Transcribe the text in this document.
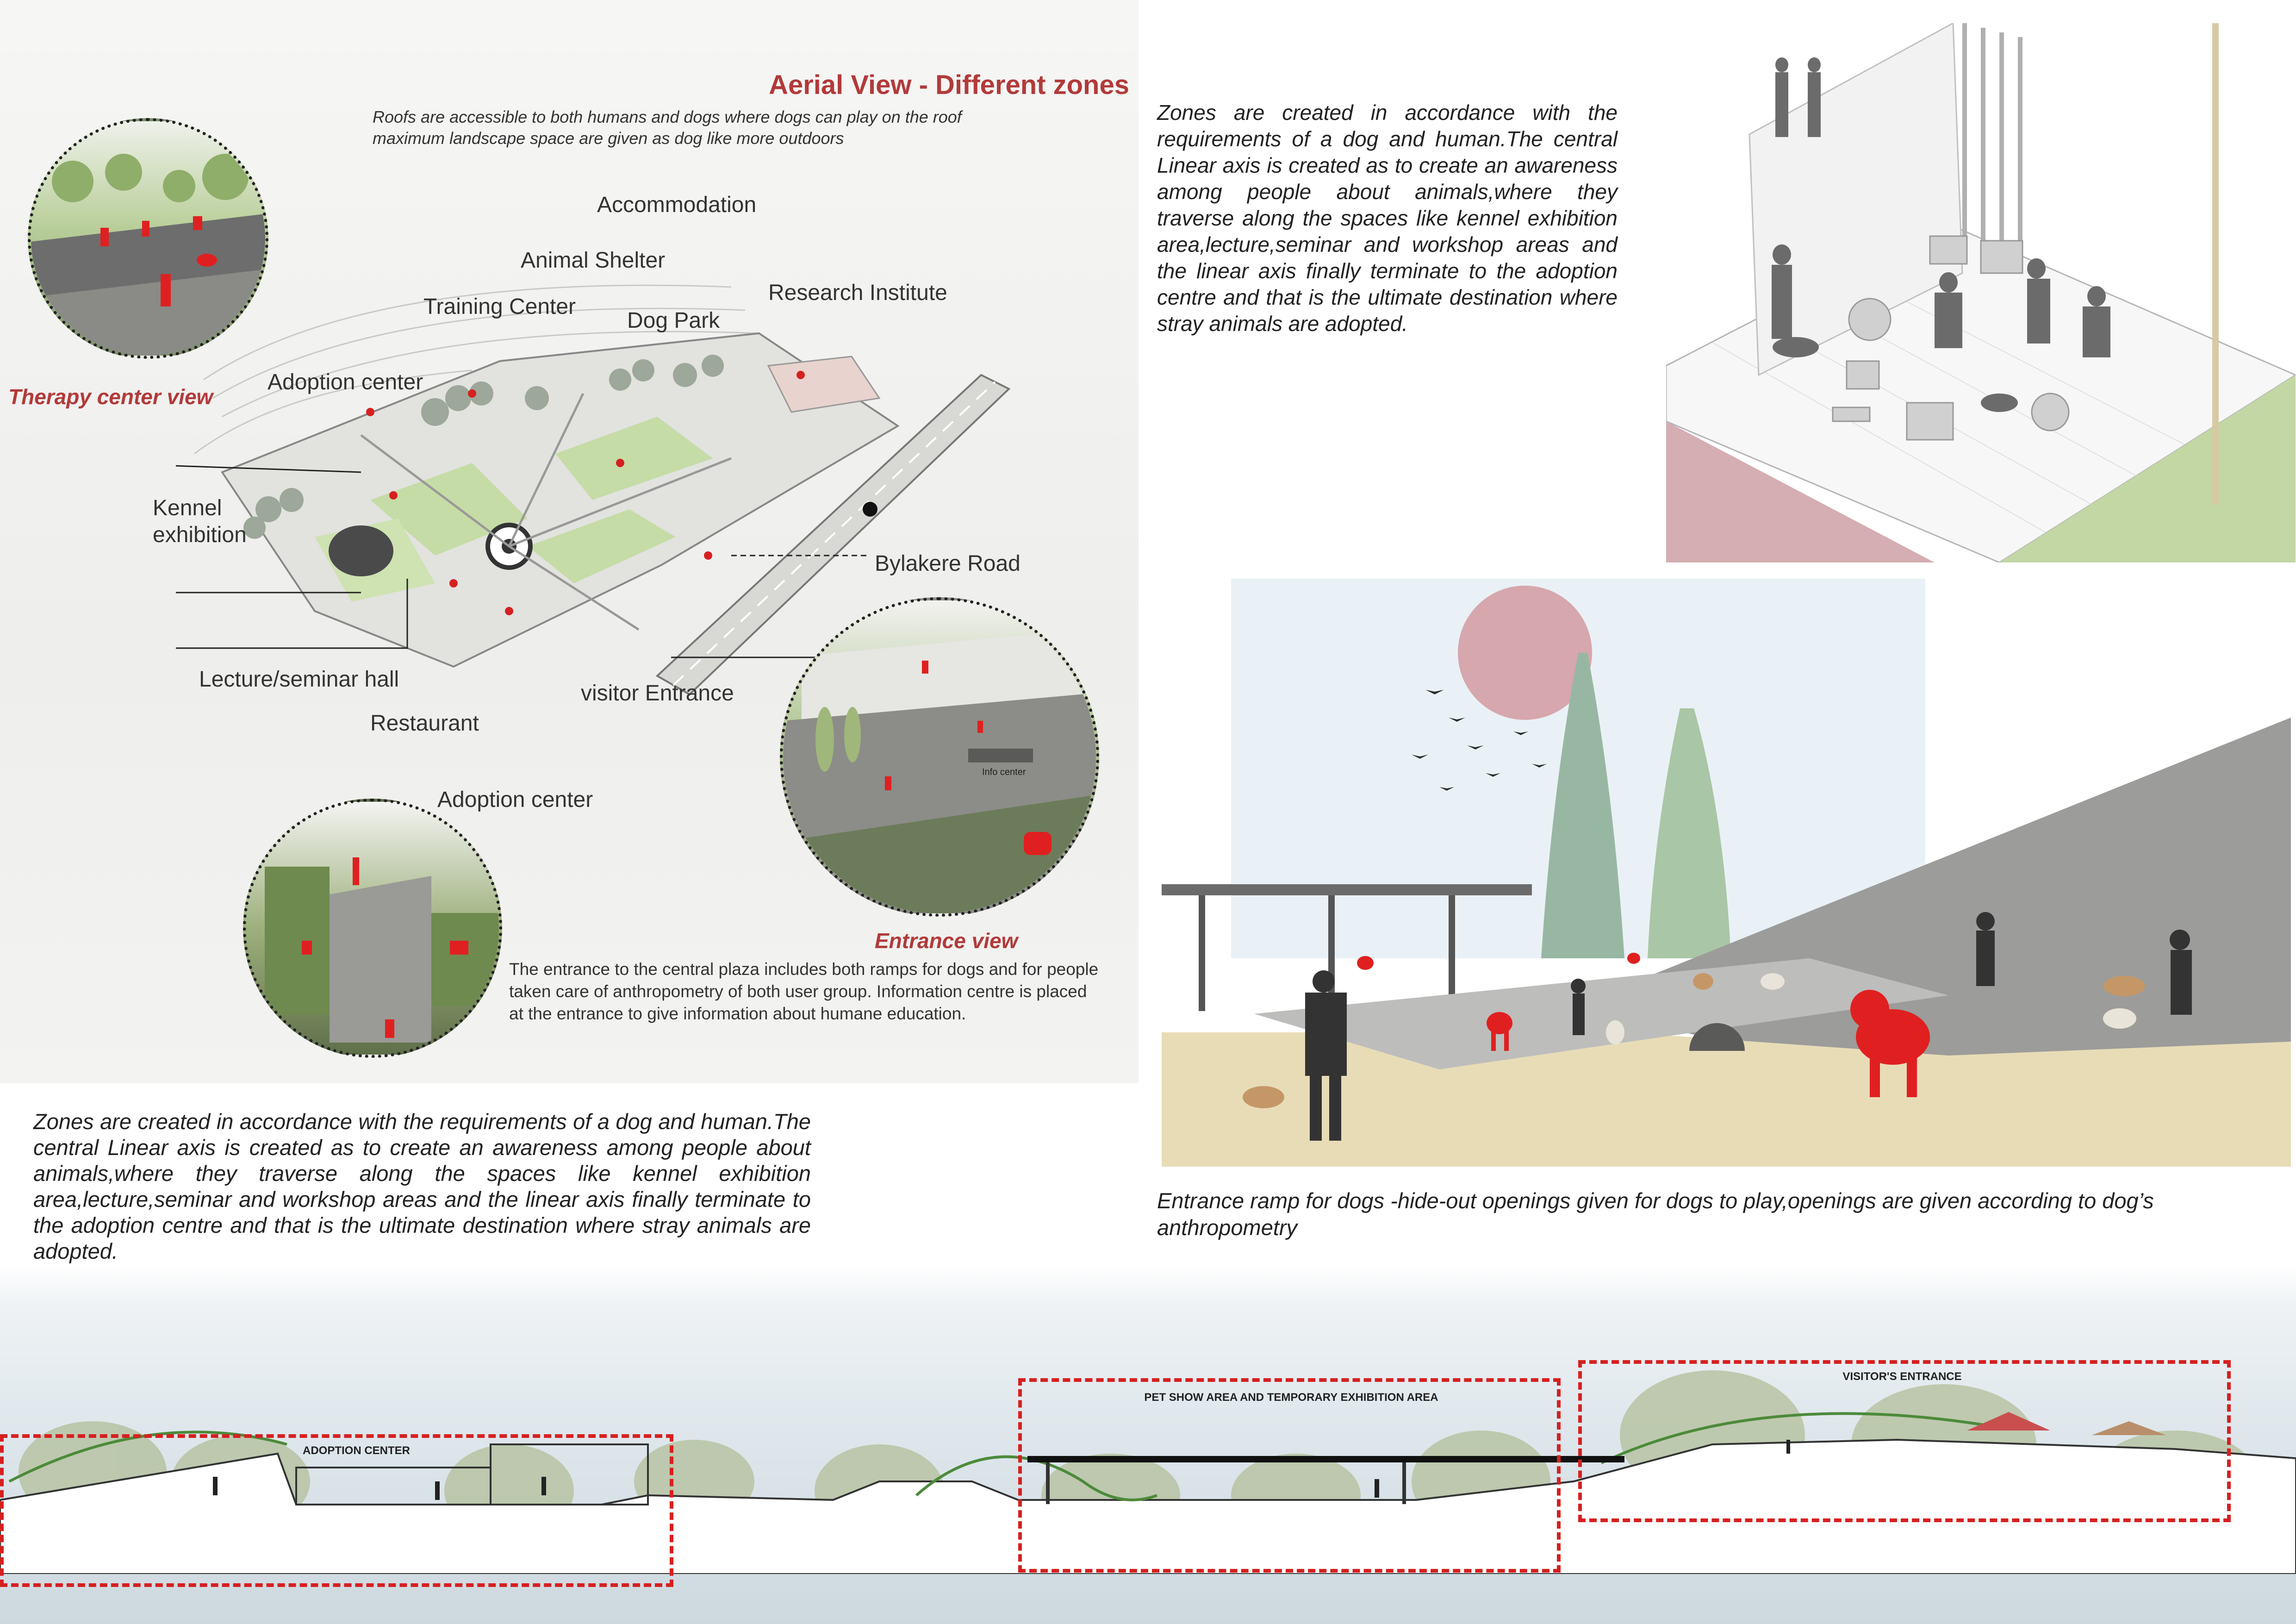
Aerial View - Different zones
Roofs are accessible to both humans and dogs where dogs can play on the roof
maximum landscape space are given as dog like more outdoors
Accommodation
Animal Shelter
Training Center
Dog Park
Research Institute
Adoption center
Kennel
exhibition
Bylakere Road
Lecture/seminar hall
Restaurant
visitor Entrance
Adoption center
Therapy center view
Info center
Entrance view
The entrance to the central plaza includes both ramps for dogs and for people taken care of anthropometry of both user group. Information centre is placed at the entrance to give information about humane education.
Zones are created in accordance with the requirements of a dog and human.The central Linear axis is created as to create an awareness among people about animals,where they traverse along the spaces like kennel exhibition area,lecture,seminar and workshop areas and the linear axis finally terminate to the adoption centre and that is the ultimate destination where stray animals are adopted.
Zones are created in accordance with the requirements of a dog and human.The central Linear axis is created as to create an awareness among people about animals,where they traverse along the spaces like kennel exhibition area,lecture,seminar and workshop areas and the linear axis finally terminate to the adoption centre and that is the ultimate destination where stray animals are adopted.
Entrance ramp for dogs -hide-out openings given for dogs to play,openings are given according to dog’s anthropometry
ADOPTION CENTER
PET SHOW AREA AND TEMPORARY EXHIBITION AREA
VISITOR'S ENTRANCE
